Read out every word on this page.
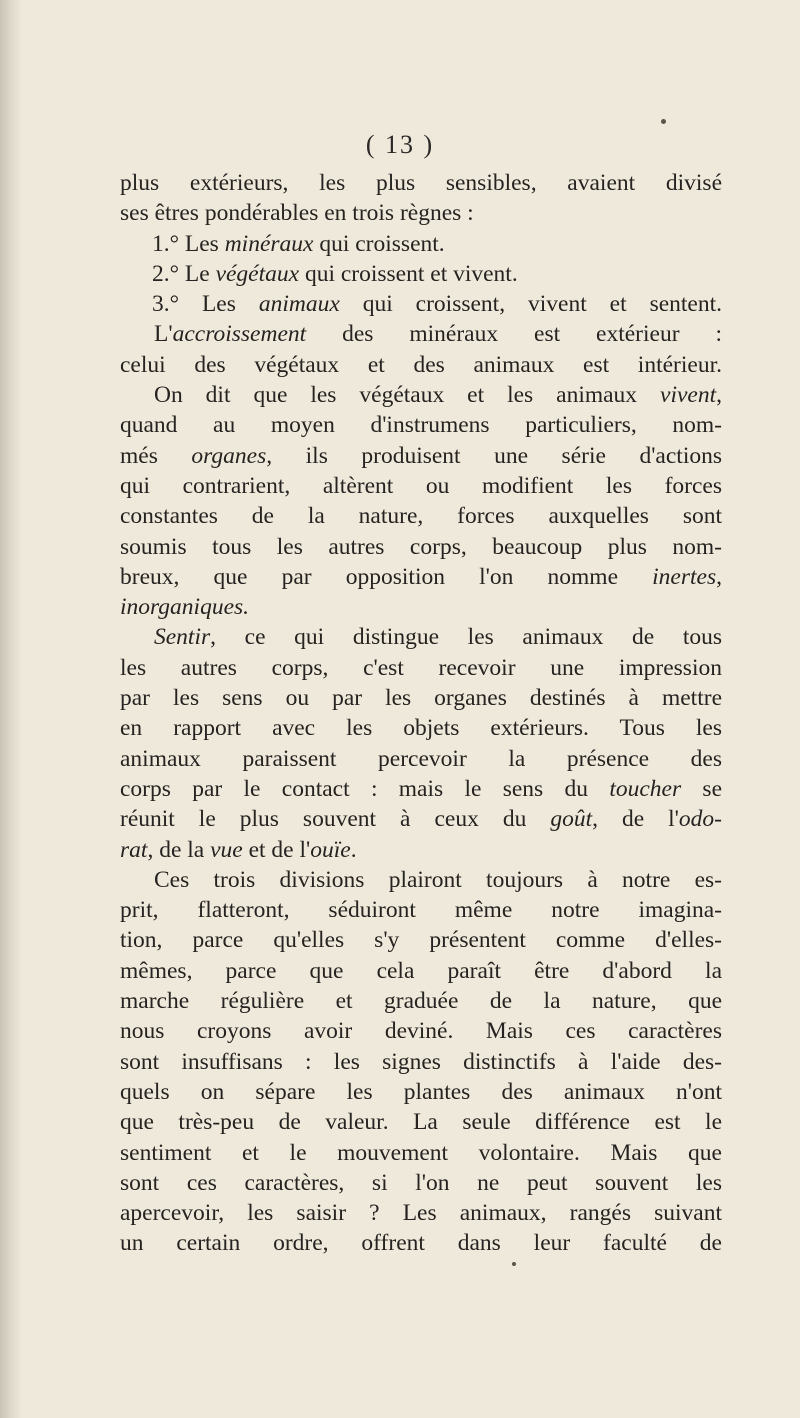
( 13 )
plus extérieurs, les plus sensibles, avaient divisé
ses êtres pondérables en trois règnes :
1.° Les minéraux qui croissent.
2.° Le végétaux qui croissent et vivent.
3.° Les animaux qui croissent, vivent et sentent.
L'accroissement des minéraux est extérieur :
celui des végétaux et des animaux est intérieur.
On dit que les végétaux et les animaux vivent,
quand au moyen d'instrumens particuliers, nom-
més organes, ils produisent une série d'actions
qui contrarient, altèrent ou modifient les forces
constantes de la nature, forces auxquelles sont
soumis tous les autres corps, beaucoup plus nom-
breux, que par opposition l'on nomme inertes,
inorganiques.
Sentir, ce qui distingue les animaux de tous
les autres corps, c'est recevoir une impression
par les sens ou par les organes destinés à mettre
en rapport avec les objets extérieurs. Tous les
animaux paraissent percevoir la présence des
corps par le contact : mais le sens du toucher se
réunit le plus souvent à ceux du goût, de l'odo-
rat, de la vue et de l'ouïe.
Ces trois divisions plairont toujours à notre es-
prit, flatteront, séduiront même notre imagina-
tion, parce qu'elles s'y présentent comme d'elles-
mêmes, parce que cela paraît être d'abord la
marche régulière et graduée de la nature, que
nous croyons avoir deviné. Mais ces caractères
sont insuffisans : les signes distinctifs à l'aide des-
quels on sépare les plantes des animaux n'ont
que très-peu de valeur. La seule différence est le
sentiment et le mouvement volontaire. Mais que
sont ces caractères, si l'on ne peut souvent les
apercevoir, les saisir ? Les animaux, rangés suivant
un certain ordre, offrent dans leur faculté de
